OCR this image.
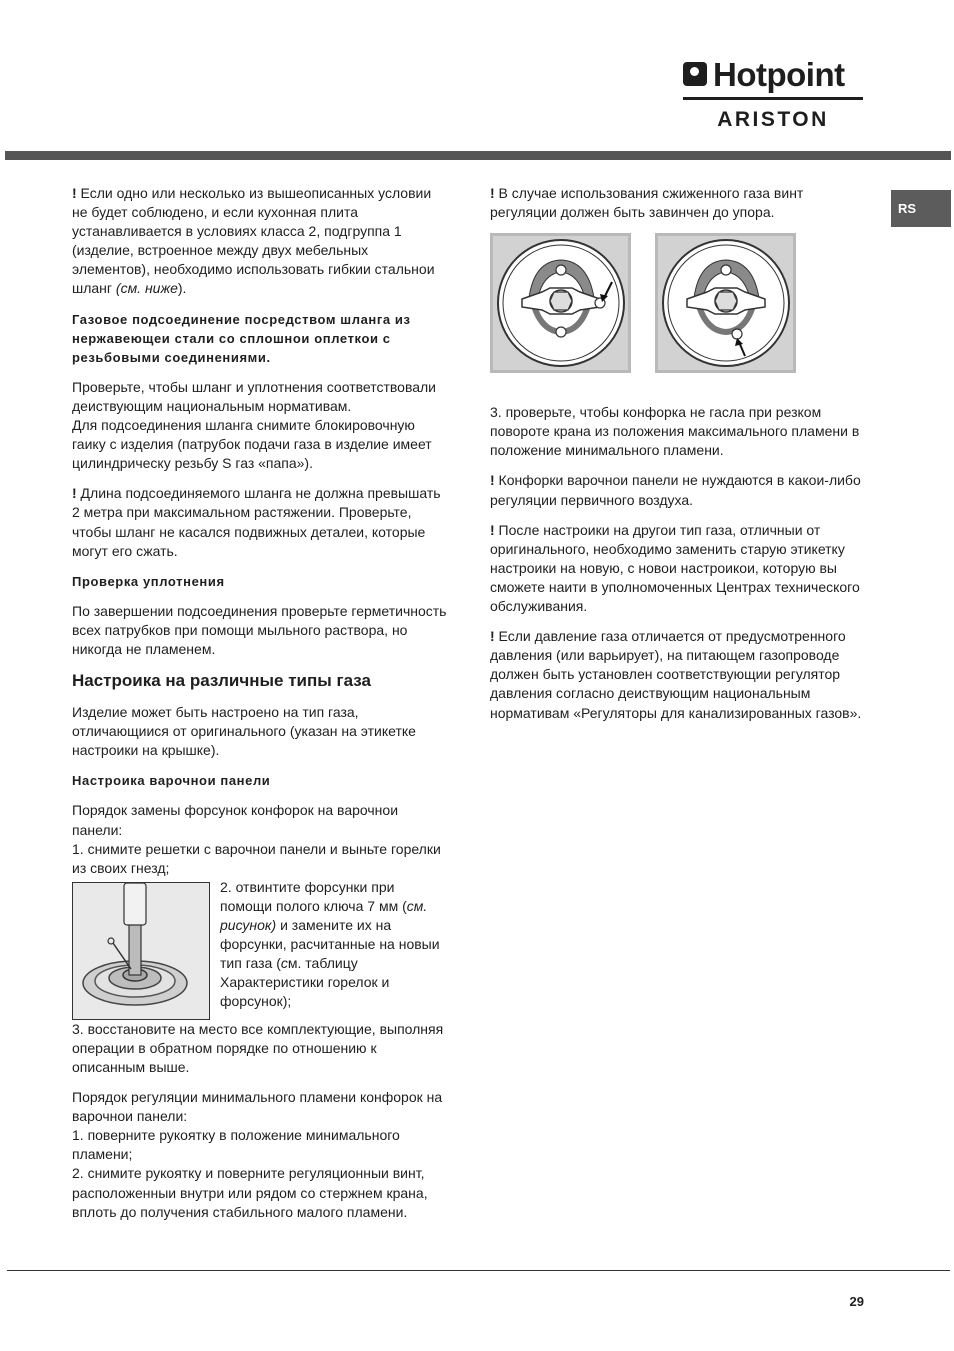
Hotpoint
ARISTON
RS

! Если одно или несколько из вышеописанных условии не будет соблюдено, и если кухонная плита устанавливается в условиях класса 2, подгруппа 1 (изделие, встроенное между двух мебельных элементов), необходимо использовать гибкии стальнои шланг (см. ниже).

Газовое подсоединение посредством шланга из нержавеющеи стали со сплошнои оплеткои с резьбовыми соединениями.

Проверьте, чтобы шланг и уплотнения соответствовали деиствующим национальным нормативам.

Для подсоединения шланга снимите блокировочную гаику с изделия (патрубок подачи газа в изделие имеет цилиндрическу резьбу S газ «папа»).

! Длина подсоединяемого шланга не должна превышать 2 метра при максимальном растяжении. Проверьте, чтобы шланг не касался подвижных деталеи, которые могут его сжать.

Проверка уплотнения

По завершении подсоединения проверьте герметичность всех патрубков при помощи мыльного раствора, но никогда не пламенем.

Настроика на различные типы газа

Изделие может быть настроено на тип газа, отличающиися от оригинального (указан на этикетке настроики на крышке).

Настроика варочнои панели

Порядок замены форсунок конфорок на варочнои панели:

1. снимите решетки с варочнои панели и выньте горелки из своих гнезд;

2. отвинтите форсунки при помощи полого ключа 7 мм (см. рисунок) и замените их на форсунки, расчитанные на новыи тип газа (см. таблицу Характеристики горелок и форсунок);

3. восстановите на место все комплектующие, выполняя операции в обратном порядке по отношению к описанным выше.

Порядок регуляции минимального пламени конфорок на варочнои панели:

1. поверните рукоятку в положение минимального пламени;

2. снимите рукоятку и поверните регуляционныи винт, расположенныи внутри или рядом со стержнем крана, вплоть до получения стабильного малого пламени.

! В случае использования сжиженного газа винт регуляции должен быть завинчен до упора.

3. проверьте, чтобы конфорка не гасла при резком повороте крана из положения максимального пламени в положение минимального пламени.

! Конфорки варочнои панели не нуждаются в какои-либо регуляции первичного воздуха.

! После настроики на другои тип газа, отличныи от оригинального, необходимо заменить старую этикетку настроики на новую, с новои настроикои, которую вы сможете наити в уполномоченных Центрах технического обслуживания.

! Если давление газа отличается от предусмотренного давления (или варьирует), на питающем газопроводе должен быть установлен соответствующии регулятор давления согласно деиствующим национальным нормативам «Регуляторы для канализированных газов».

29
